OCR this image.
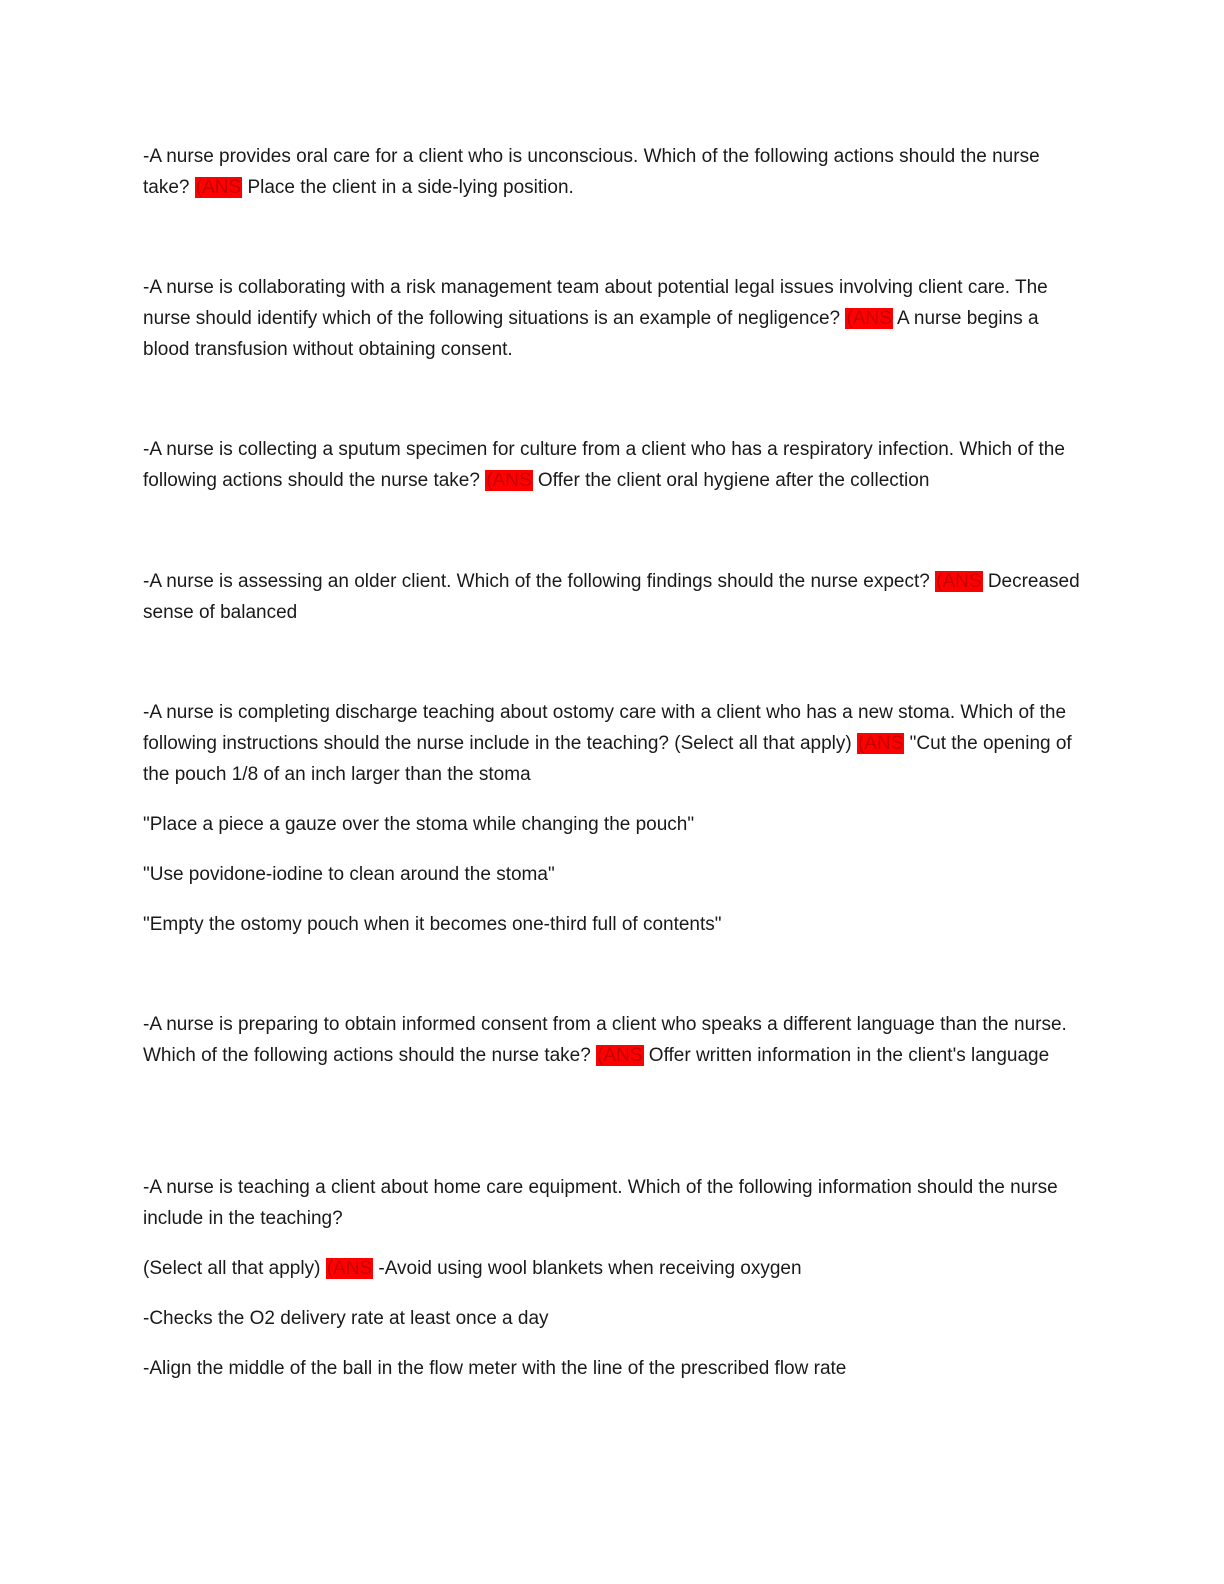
-A nurse provides oral care for a client who is unconscious. Which of the following actions should the nurse take? (ANS Place the client in a side-lying position.

-A nurse is collaborating with a risk management team about potential legal issues involving client care. The nurse should identify which of the following situations is an example of negligence? (ANS A nurse begins a blood transfusion without obtaining consent.

-A nurse is collecting a sputum specimen for culture from a client who has a respiratory infection. Which of the following actions should the nurse take? (ANS Offer the client oral hygiene after the collection

-A nurse is assessing an older client. Which of the following findings should the nurse expect? (ANS Decreased sense of balanced

-A nurse is completing discharge teaching about ostomy care with a client who has a new stoma. Which of the following instructions should the nurse include in the teaching? (Select all that apply) (ANS "Cut the opening of the pouch 1/8 of an inch larger than the stoma

"Place a piece a gauze over the stoma while changing the pouch"

"Use povidone-iodine to clean around the stoma"

"Empty the ostomy pouch when it becomes one-third full of contents"

-A nurse is preparing to obtain informed consent from a client who speaks a different language than the nurse. Which of the following actions should the nurse take? (ANS Offer written information in the client's language

-A nurse is teaching a client about home care equipment. Which of the following information should the nurse include in the teaching?

(Select all that apply) (ANS -Avoid using wool blankets when receiving oxygen

-Checks the O2 delivery rate at least once a day

-Align the middle of the ball in the flow meter with the line of the prescribed flow rate
